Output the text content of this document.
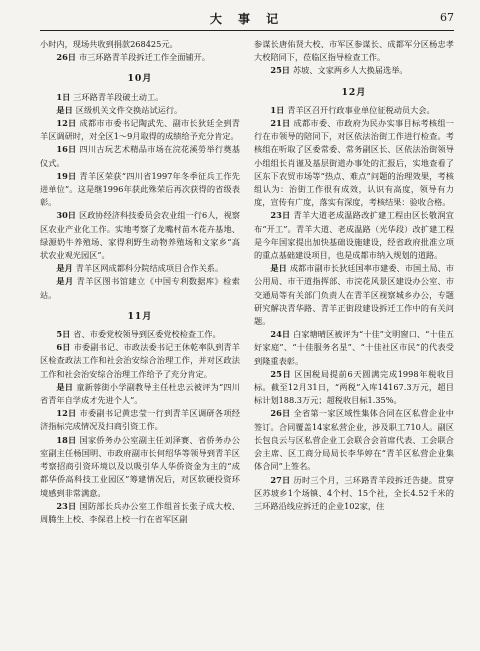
大 事 记	67

小时内，现场共收到捐款268425元。

26日 市三环路青羊段拆迁工作全面铺开。

10月

1日 三环路青羊段破土动工。

是日 区级机关文件交换站试运行。

12日 成都市市委书记陶武先、副市长狄廷全到青羊区调研时，对全区1～9月取得的成绩给予充分肯定。

16日 四川古玩艺术精品市场在浣花溪勞举行奠基仪式。

19日 青羊区荣获“四川省1997年冬季征兵工作先进单位”。这是继1996年获此殊荣后再次获得的省级表彰。

30日 区政协经济科技委员会农业组一行6人，视察区农业产业化工作。实地考察了龙嘴村苗木花卉基地、绿源奶牛养殖场、家得利野生动物养殖场和文家乡“高状农业观光园区”。

是月 青羊区网成都科分院结成项目合作关系。

是月 青羊区图书馆建立《中国专利数据库》检索站。

11月

5日 省、市委党校领导到区委党校检查工作。

6日 市委副书记、市政法委书记王休乾率队到青羊区检查政法工作和社会治安综合治理工作，并对区政法工作和社会治安综合治理工作给予了充分肯定。

是日 童新蓉街小学副教导主任杜忠云被评为“四川省青年自学成才先进个人”。

12日 市委副书记黄忠莹一行到青羊区调研各项经济指标完成情况及扫商引资工作。

18日 国家侨务办公室副主任刘泽赛、省侨务办公室副主任杨国明、市政府副市长何绍华等领导到青羊区考察招商引资环境以及以吸引华人华侨资金为主的“成都华侨高科技工业园区”筹建情况后，对区软硬投资环境感到非常满意。

23日 国防部长兵办公室工作组首长张子成大校、周腾生上校、李保君上校一行在省军区副

参谋长唐佑贤大校、市军区参谋长、成都军分区杨忠孝大校陪同下，莅临区指导检查工作。

25日 苏坡、文家两乡人大换届选举。

12月

1日 青羊区召开行政事业单位征税动员大会。

21日 成都市委、市政府为民办实事目标考核组一行在市领导的陪同下，对区依法治街工作进行检查。考核组在听取了区委常委、常务副区长、区依法治街领导小组组长肖谨及基层街道办事处的汇报后，实地查看了区东下农贸市场等“热点、难点”问题的治理效果，考核组认为：治街工作很有成效，认识有高度，领导有力度，宣传有广度，落实有深度，考核结果：验收合格。

23日 青羊大道老成温路改扩建工程由区长敬润宜布“开工”。青羊大道、老成温路（光华段）改扩建工程是今年国家提出加快基础设施建设，经省政府批准立项的重点基础建设项目，也是成都市纳入规划的道路。

是日 成都市副市长狄廷国率市建委、市国土局、市公用局、市干道指挥部、市浣花风景区建设办公室、市交通局等有关部门负责人在青羊区视察城乡办公，专题研究解决青华路、青羊正街段建设拆迁工作中的有关问题。

24日 白家塘晴区被评为“十佳”文明窗口、“十佳五好家庭”、“十佳服务名星”、“十佳社区市民”的代表受到隆重表彰。

25日 区国税局提前6天圆满完成1998年税收目标。截至12月31日，“两税”入库14167.3万元，超目标计划188.3万元；超税收目标1.35%。

26日 全省第一家区域性集体合同在区私营企业中签订。合同覆盖14家私营企业，涉及职工710人。副区长包良云与区私营企业工会联合会首席代表、工会联合会主席、区工商分局局长李华婷在“青羊区私营企业集体合同”上签名。

27日 历时三个月，三环路青羊段拆迁告捷。贯穿区苏坡乡1个场镇、4个村、15个社，全长4.52千米的三环路沿线应拆迁的企业102家，住
